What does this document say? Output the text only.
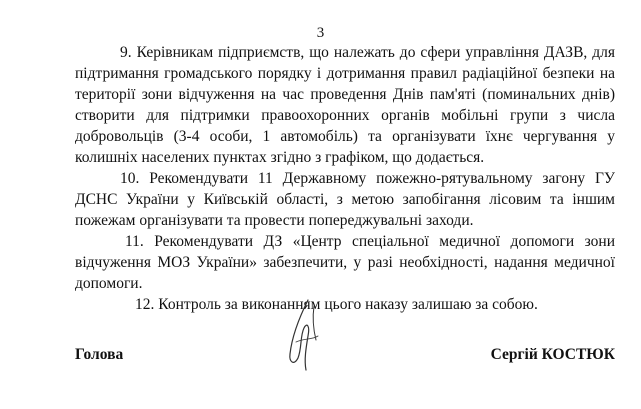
3

9. Керівникам підприємств, що належать до сфери управління ДАЗВ, для підтримання громадського порядку і дотримання правил радіаційної безпеки на території зони відчуження на час проведення Днів пам'яті (поминальних днів) створити для підтримки правоохоронних органів мобільні групи з числа добровольців (3-4 особи, 1 автомобіль) та організувати їхнє чергування у колишніх населених пунктах згідно з графіком, що додається.

10. Рекомендувати 11 Державному пожежно-рятувальному загону ГУ ДСНС України у Київській області, з метою запобігання лісовим та іншим пожежам організувати та провести попереджувальні заходи.

11. Рекомендувати ДЗ «Центр спеціальної медичної допомоги зони відчуження МОЗ України» забезпечити, у разі необхідності, надання медичної допомоги.

12. Контроль за виконанням цього наказу залишаю за собою.

Голова	Сергій КОСТЮК
